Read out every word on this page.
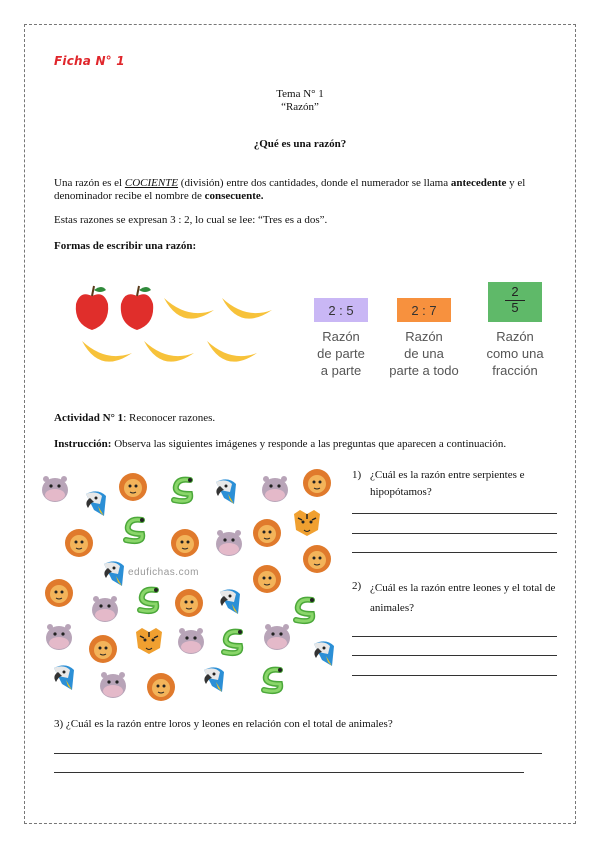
Ficha N° 1
Tema N° 1
“Razón”
¿Qué es una razón?
Una razón es el COCIENTE (división) entre dos cantidades, donde el numerador se llama antecedente y el denominador recibe el nombre de consecuente.
Estas razones se expresan 3 : 2, lo cual se lee: “Tres es a dos”.
Formas de escribir una razón:
2 : 5
Razón
de parte
a parte
2 : 7
Razón
de una
parte a todo
2
5
Razón
como una
fracción
Actividad N° 1: Reconocer razones.
Instrucción: Observa las siguientes imágenes y responde a las preguntas que aparecen a continuación.
edufichas.com
1) ¿Cuál es la razón entre serpientes e
hipopótamos?
2) ¿Cuál es la razón entre leones y el total de
animales?
3) ¿Cuál es la razón entre loros y leones en relación con el total de animales?
